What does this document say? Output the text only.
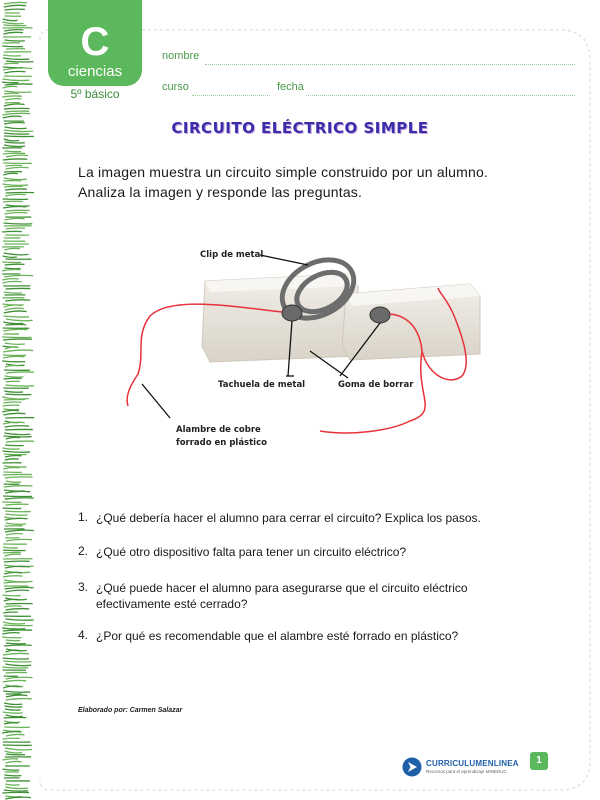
C
ciencias
5º básico
nombre
curso	fecha
CIRCUITO ELÉCTRICO SIMPLE
La imagen muestra un circuito simple construido por un alumno.
Analiza la imagen y responde las preguntas.
Clip de metal
Tachuela de metal	Goma de borrar
Alambre de cobre
forrado en plástico
1. ¿Qué debería hacer el alumno para cerrar el circuito? Explica los pasos.
2. ¿Qué otro dispositivo falta para tener un circuito eléctrico?
3. ¿Qué puede hacer el alumno para asegurarse que el circuito eléctrico efectivamente esté cerrado?
4. ¿Por qué es recomendable que el alambre esté forrado en plástico?
Elaborado por: Carmen Salazar
CURRICULUMENLINEA
Recursos para el aprendizaje MINEDUC
1
